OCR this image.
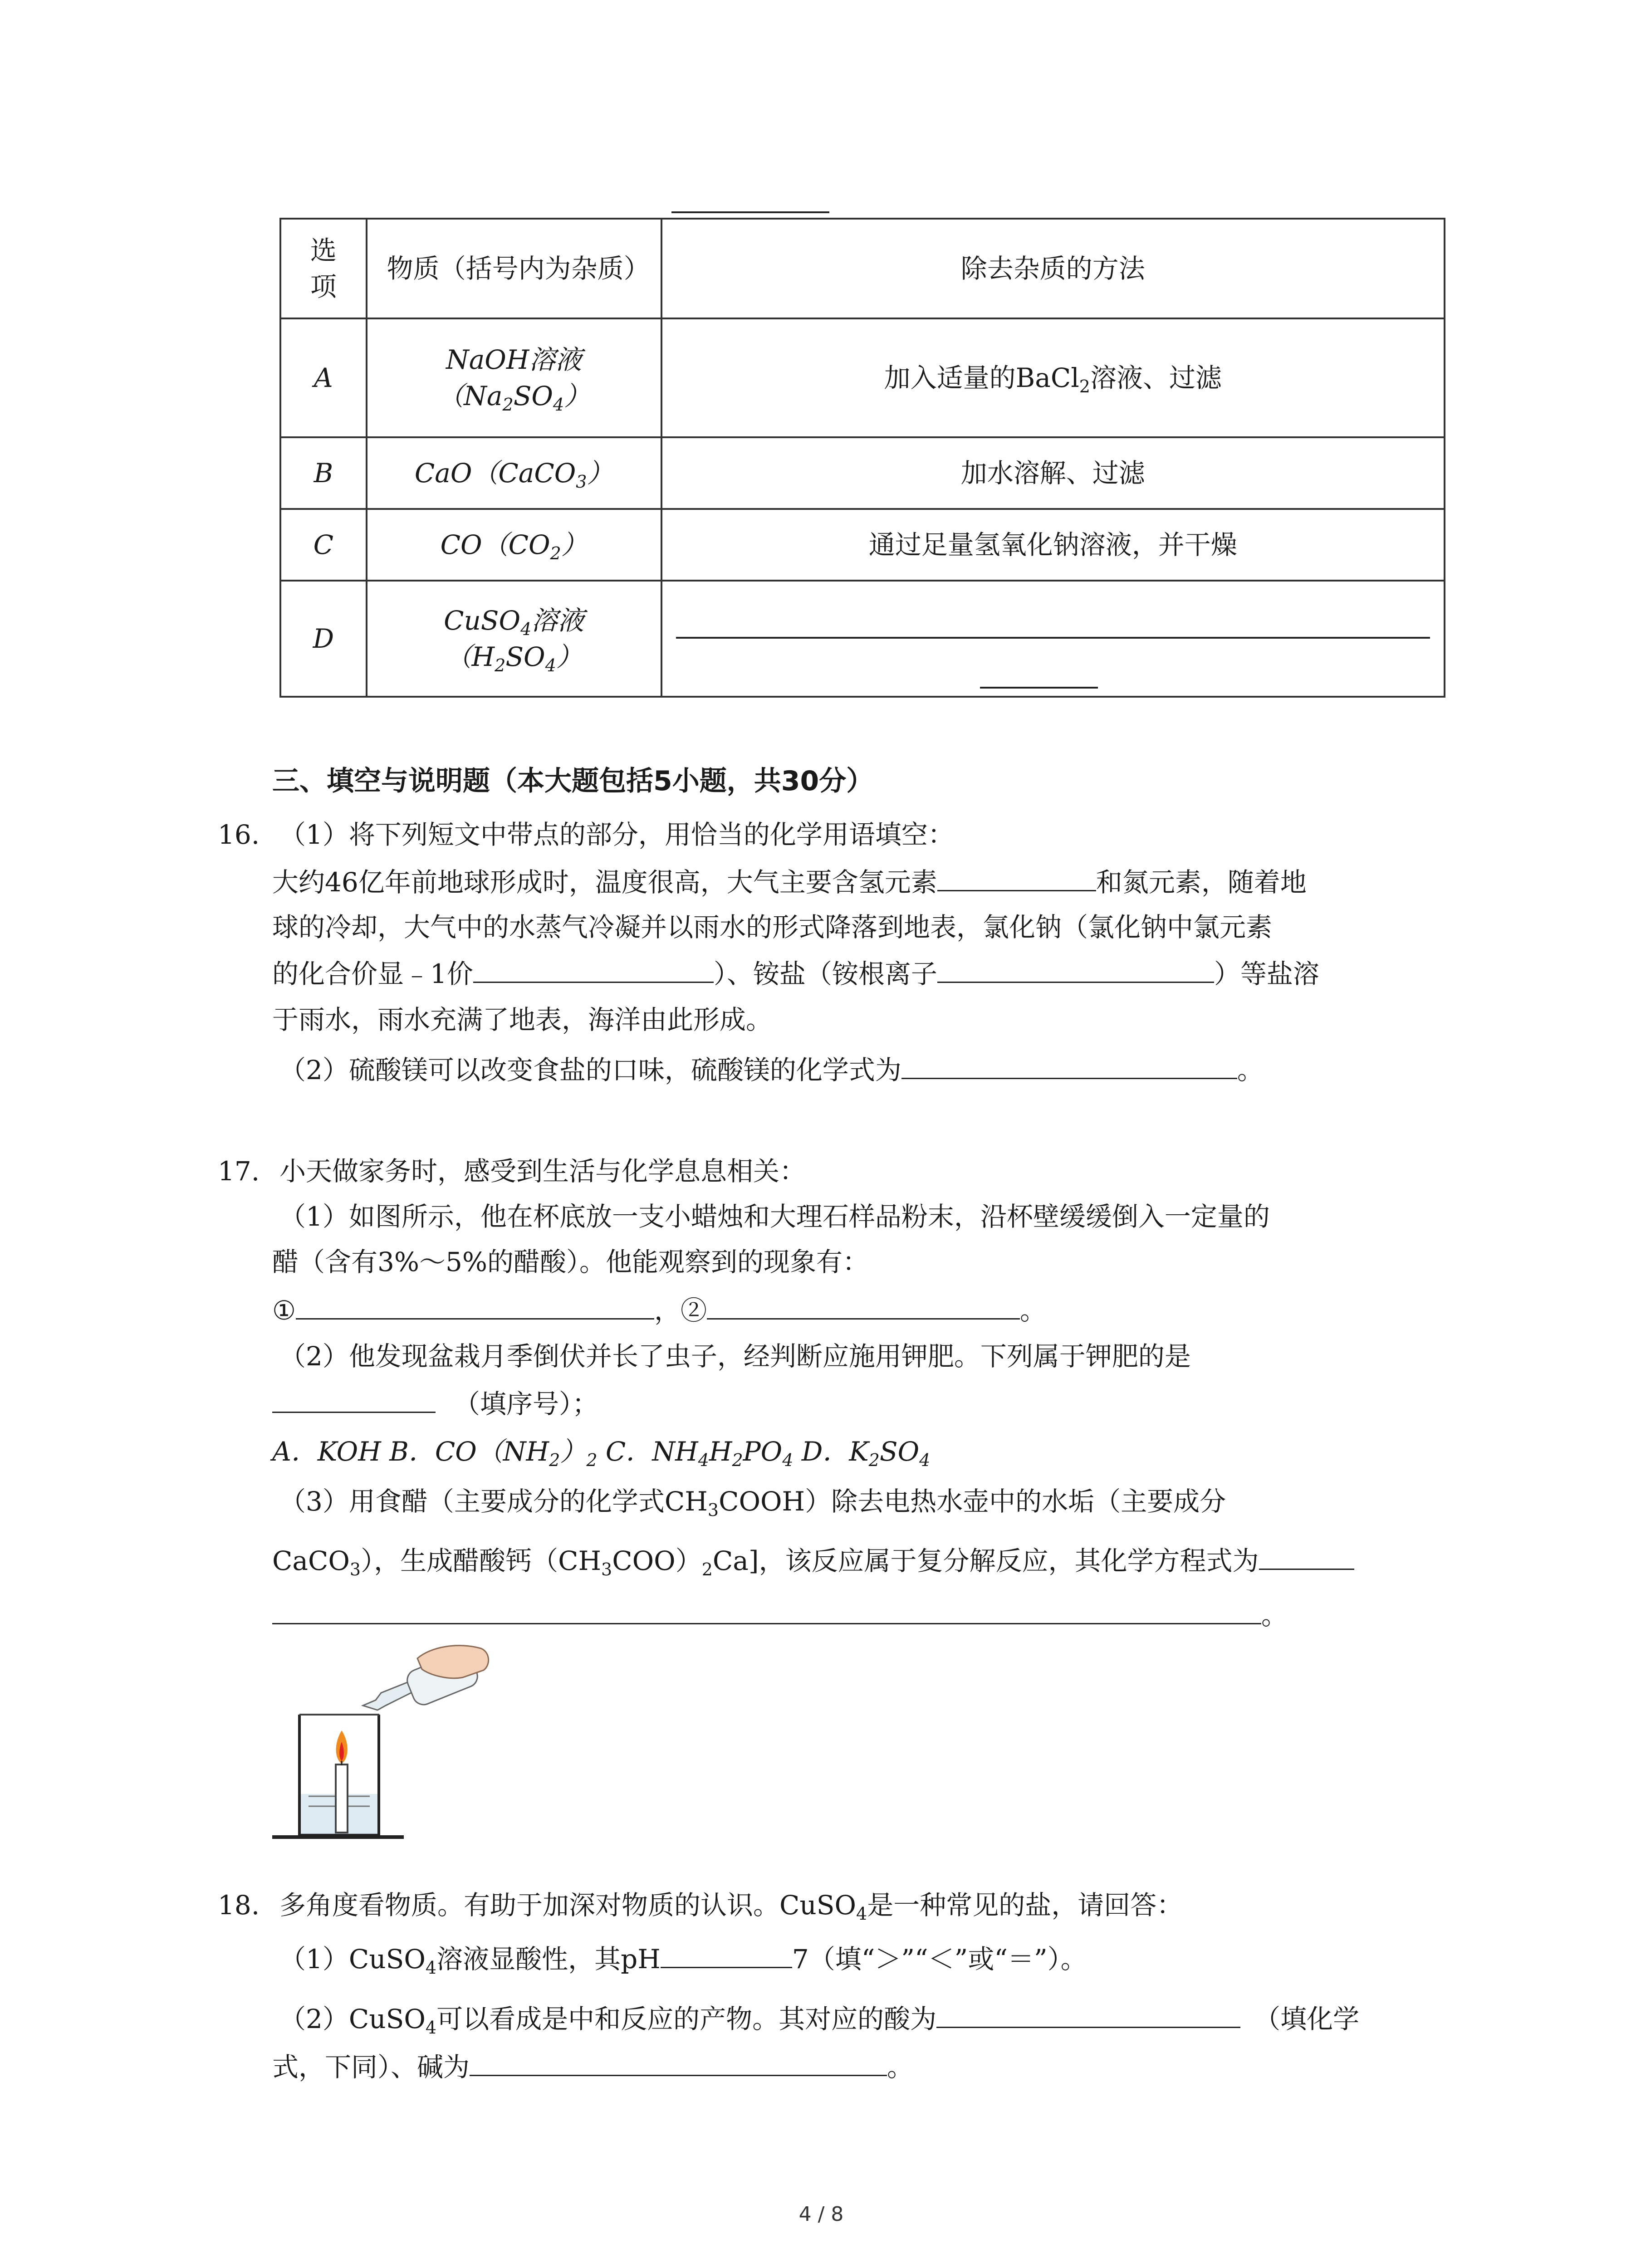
选项	物质（括号内为杂质）	除去杂质的方法
A	NaOH溶液$(Na_2SO_4)$	加入适量的BaCl$_2$溶液、过滤
B	CaO（CaCO$_3$）	加水溶解、过滤
C	$CO(CO_2)$	通过足量氢氧化钠溶液，并干燥
D	CuSO$_4$溶液$(H_2SO_4)$	

三、填空与说明题（本大题包括5小题，共30分）
16. （1）将下列短文中带点的部分，用恰当的化学用语填空：
大约46亿年前地球形成时，温度很高，大气主要含氢元素	和氮元素，随着地
球的冷却，大气中的水蒸气冷凝并以雨水的形式降落到地表，氯化钠（氯化钠中氯元素
的化合价显﹣1价	）、铵盐（铵根离子	）等盐溶
于雨水，雨水充满了地表，海洋由此形成。
（2）硫酸镁可以改变食盐的口味，硫酸镁的化学式为	。
17. 小天做家务时，感受到生活与化学息息相关：
（1）如图所示，他在杯底放一支小蜡烛和大理石样品粉末，沿杯壁缓缓倒入一定量的
醋（含有3%～5%的醋酸）。他能观察到的现象有：
①	，②	。
（2）他发现盆栽月季倒伏并长了虫子，经判断应施用钾肥。下列属于钾肥的是
（填序号）；
A．KOH B．$CO(NH_2)_2$ C．$NH_4H_2PO_4$ D．$K_2SO_4$
（3）用食醋（主要成分的化学式$CH_3COOH$）除去电热水壶中的水垢（主要成分
CaCO$_3$），生成醋酸钙$(CH_3COO)_2Ca$]，该反应属于复分解反应，其化学方程式为
。
18. 多角度看物质。有助于加深对物质的认识。CuSO$_4$是一种常见的盐，请回答：
（1）CuSO$_4$溶液显酸性，其pH	7（填“＞”“＜”或“＝”）。
（2）CuSO$_4$可以看成是中和反应的产物。其对应的酸为	（填化学
式，下同）、碱为	。
4 / 8
